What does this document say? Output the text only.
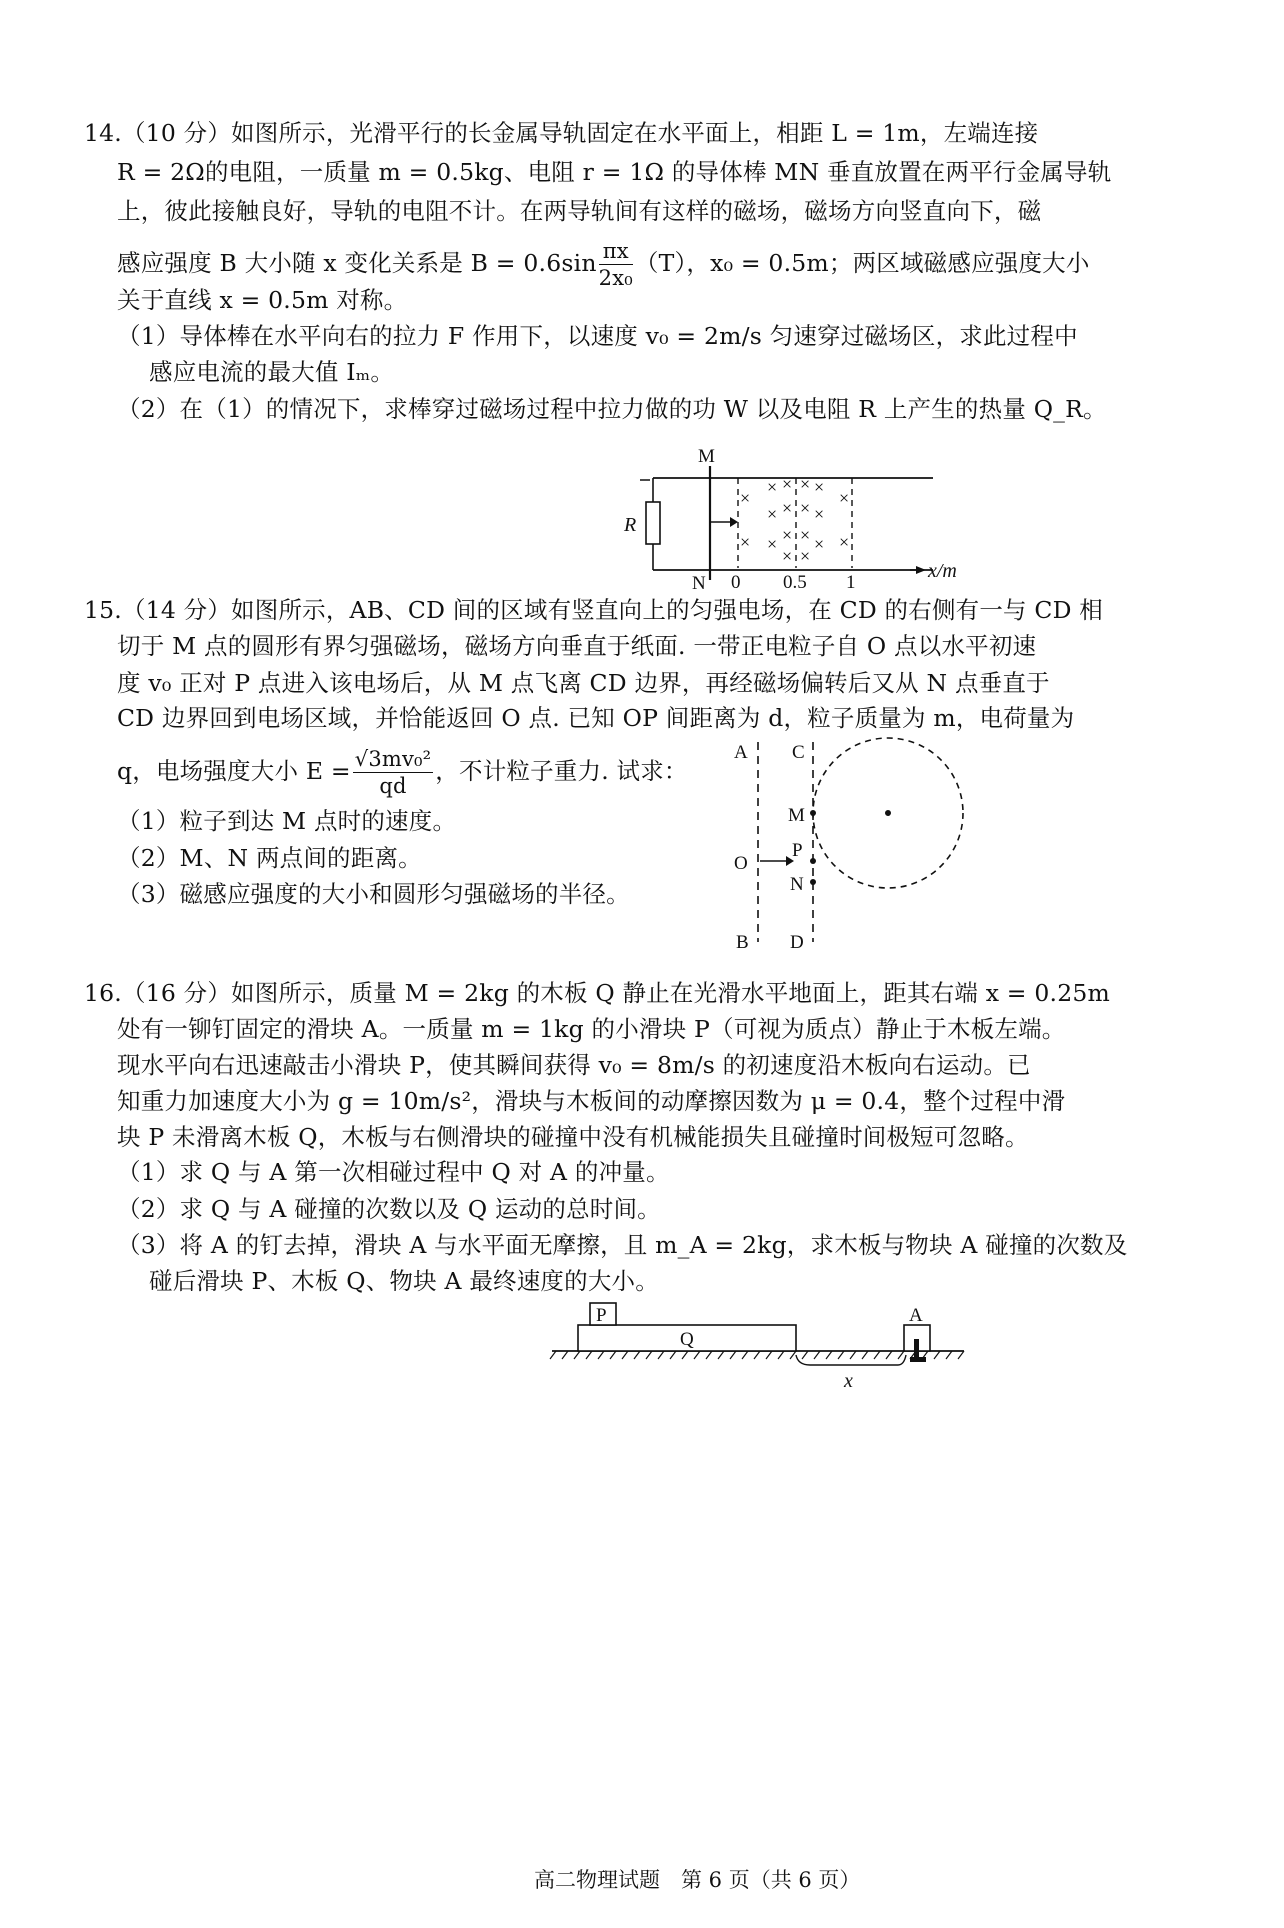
14.（10 分）如图所示，光滑平行的长金属导轨固定在水平面上，相距 L = 1m，左端连接
R = 2Ω的电阻，一质量 m = 0.5kg、电阻 r = 1Ω 的导体棒 MN 垂直放置在两平行金属导轨
上，彼此接触良好，导轨的电阻不计。在两导轨间有这样的磁场，磁场方向竖直向下，磁
感应强度 B 大小随 x 变化关系是 $B = 0.6\sin \frac{\pi x}{\text{2x₀}} (T)$，x₀ = 0.5m；两区域磁感应强度大小
关于直线 x = 0.5m 对称。
（1）导体棒在水平向右的拉力 F 作用下，以速度 v₀ = 2m/s 匀速穿过磁场区，求此过程中
感应电流的最大值 Iₘ。
（2）在（1）的情况下，求棒穿过磁场过程中拉力做的功 W 以及电阻 R 上产生的热量 Q_R。
R
M
N
×
×
×
×
×
×
×
×
×
×
×
×
×
×
×
×
×
×
0 0.5 1
x/m
15.（14 分）如图所示，AB、CD 间的区域有竖直向上的匀强电场，在 CD 的右侧有一与 CD 相
切于 M 点的圆形有界匀强磁场，磁场方向垂直于纸面. 一带正电粒子自 O 点以水平初速
度 v₀ 正对 P 点进入该电场后，从 M 点飞离 CD 边界，再经磁场偏转后又从 N 点垂直于
CD 边界回到电场区域，并恰能返回 O 点. 已知 OP 间距离为 d，粒子质量为 m，电荷量为
q，电场强度大小 $E = \frac{\text{√3mv₀²}}{qd}$ ，不计粒子重力. 试求：
（1）粒子到达 M 点时的速度。
（2）M、N 两点间的距离。
（3）磁感应强度的大小和圆形匀强磁场的半径。
A C
M
O
P
N
B D
16.（16 分）如图所示，质量 M = 2kg 的木板 Q 静止在光滑水平地面上，距其右端 x = 0.25m
处有一铆钉固定的滑块 A。一质量 m = 1kg 的小滑块 P（可视为质点）静止于木板左端。
现水平向右迅速敲击小滑块 P，使其瞬间获得 v₀ = 8m/s 的初速度沿木板向右运动。已
知重力加速度大小为 g = 10m/s²，滑块与木板间的动摩擦因数为 μ = 0.4，整个过程中滑
块 P 未滑离木板 Q，木板与右侧滑块的碰撞中没有机械能损失且碰撞时间极短可忽略。
（1）求 Q 与 A 第一次相碰过程中 Q 对 A 的冲量。
（2）求 Q 与 A 碰撞的次数以及 Q 运动的总时间。
（3）将 A 的钉去掉，滑块 A 与水平面无摩擦，且 m_A = 2kg，求木板与物块 A 碰撞的次数及
碰后滑块 P、木板 Q、物块 A 最终速度的大小。
Q
P	A
x
高二物理试题　第 6 页（共 6 页）
